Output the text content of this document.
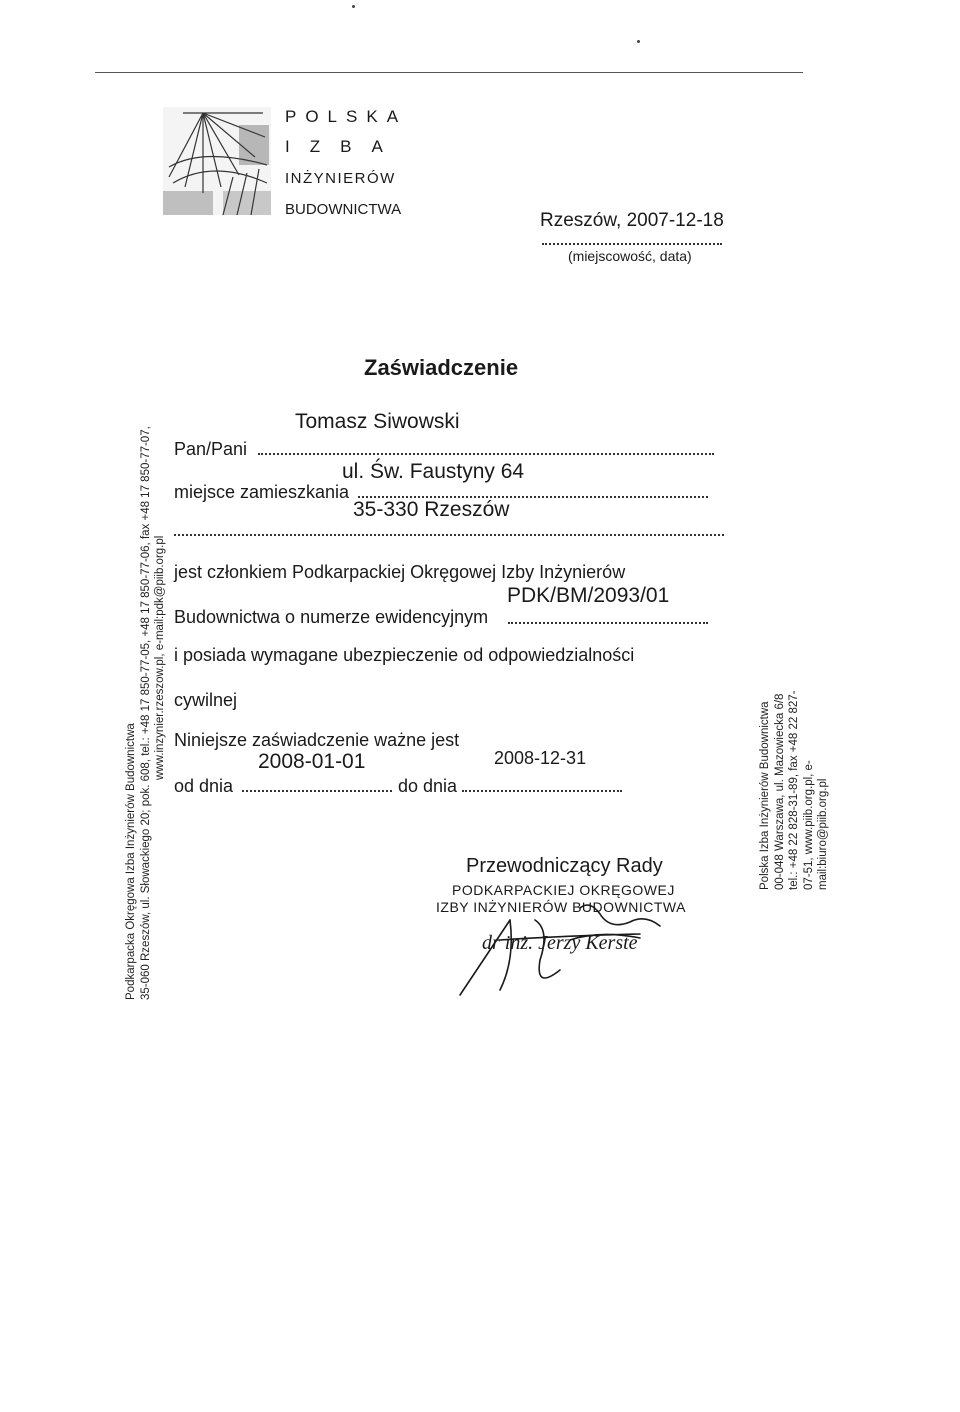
Podkarpacka Okręgowa Izba Inżynierów Budownictwa 35-060 Rzeszów, ul. Słowackiego 20; pok. 608, tel.: +48 17 850-77-05, +48 17 850-77-06, fax +48 17 850-77-07, www.inzynier.rzeszow.pl, e-mail:pdk@piib.org.pl
Polska Izba Inżynierów Budownictwa 00-048 Warszawa, ul. Mazowiecka 6/8 tel.: +48 22 828-31-89, fax +48 22 827-07-51, www.piib.org.pl, e-mail:biuro@piib.org.pl
POLSKA
IZBA
INŻYNIERÓW
BUDOWNICTWA
Rzeszów, 2007-12-18
(miejscowość, data)
Zaświadczenie
Tomasz Siwowski
Pan/Pani
ul. Św. Faustyny 64
miejsce zamieszkania
35-330 Rzeszów
jest członkiem Podkarpackiej Okręgowej Izby Inżynierów
PDK/BM/2093/01
Budownictwa o numerze ewidencyjnym
i posiada wymagane ubezpieczenie od odpowiedzialności
cywilnej
Niniejsze zaświadczenie ważne jest
2008-01-01	2008-12-31
od dnia	do dnia
Przewodniczący Rady
PODKARPACKIEJ OKRĘGOWEJ
IZBY INŻYNIERÓW BUDOWNICTWA
dr inż. Jerzy Kerste
